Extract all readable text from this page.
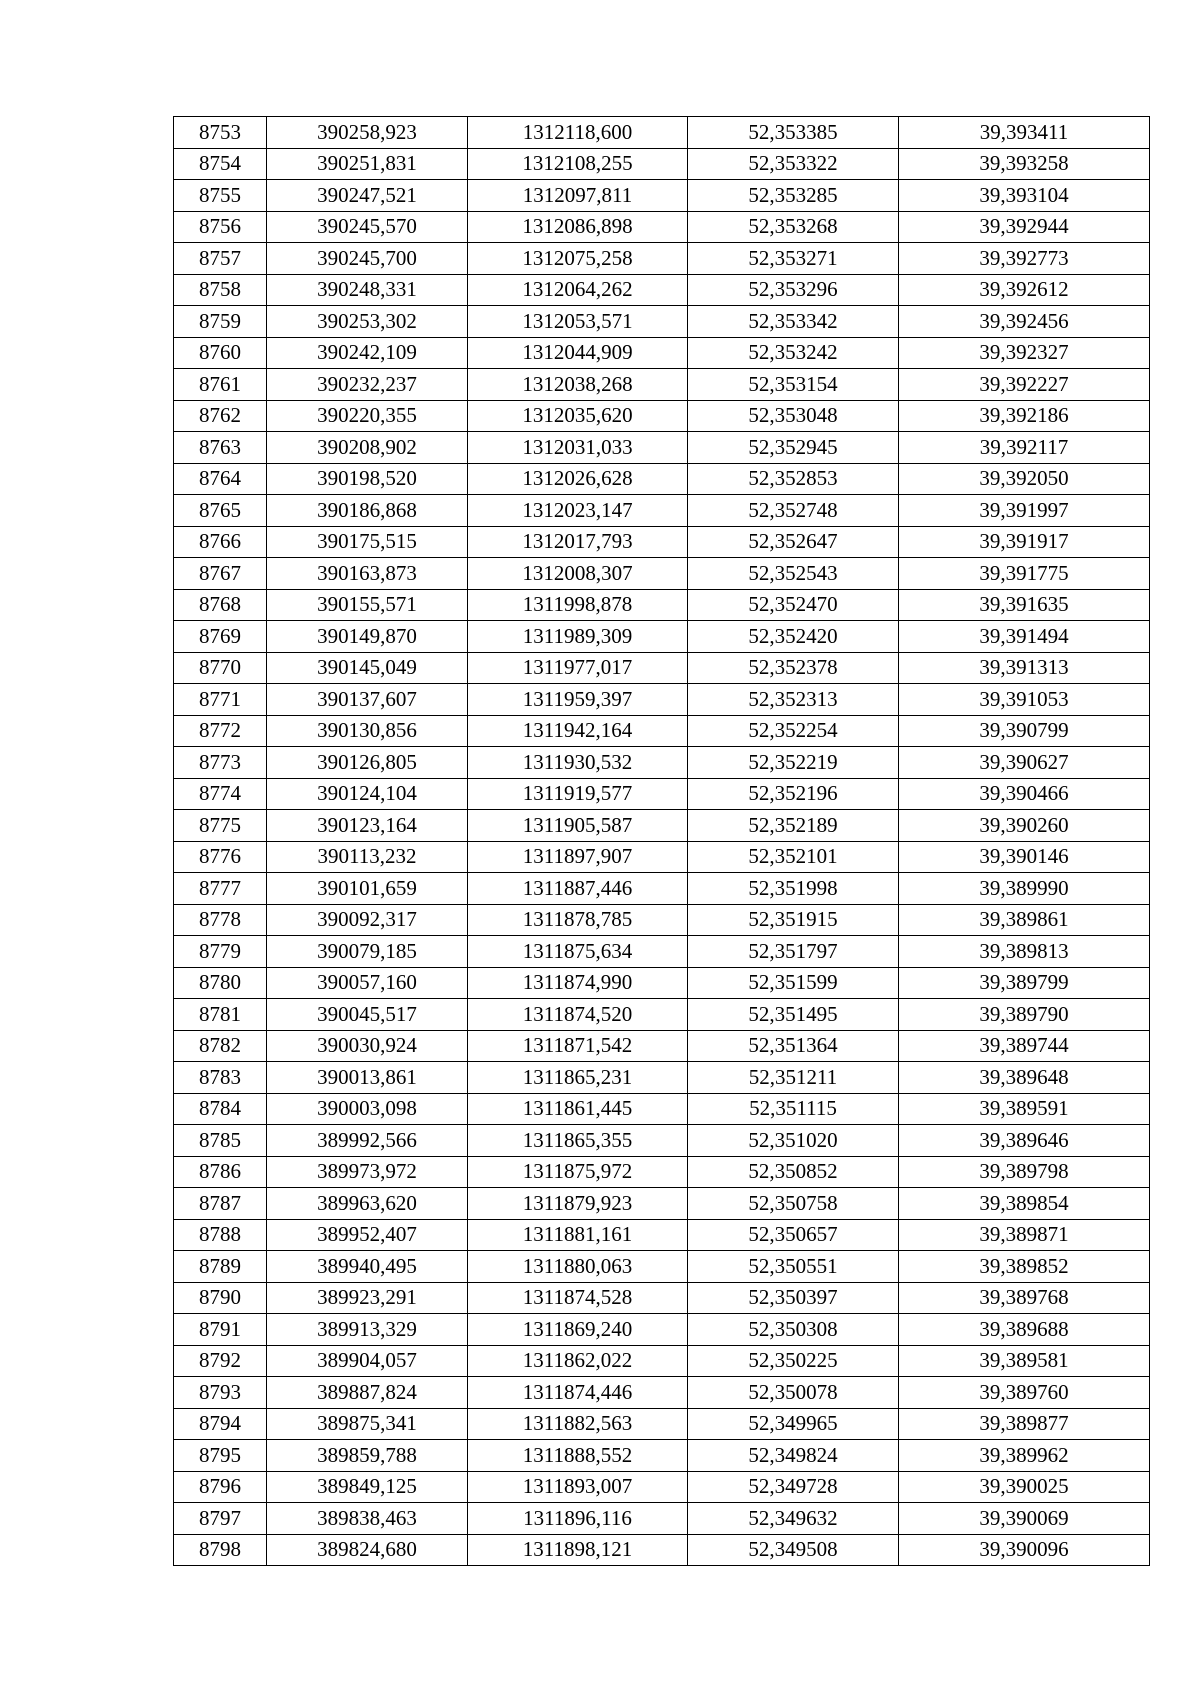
8753	390258,923	1312118,600	52,353385	39,393411
8754	390251,831	1312108,255	52,353322	39,393258
8755	390247,521	1312097,811	52,353285	39,393104
8756	390245,570	1312086,898	52,353268	39,392944
8757	390245,700	1312075,258	52,353271	39,392773
8758	390248,331	1312064,262	52,353296	39,392612
8759	390253,302	1312053,571	52,353342	39,392456
8760	390242,109	1312044,909	52,353242	39,392327
8761	390232,237	1312038,268	52,353154	39,392227
8762	390220,355	1312035,620	52,353048	39,392186
8763	390208,902	1312031,033	52,352945	39,392117
8764	390198,520	1312026,628	52,352853	39,392050
8765	390186,868	1312023,147	52,352748	39,391997
8766	390175,515	1312017,793	52,352647	39,391917
8767	390163,873	1312008,307	52,352543	39,391775
8768	390155,571	1311998,878	52,352470	39,391635
8769	390149,870	1311989,309	52,352420	39,391494
8770	390145,049	1311977,017	52,352378	39,391313
8771	390137,607	1311959,397	52,352313	39,391053
8772	390130,856	1311942,164	52,352254	39,390799
8773	390126,805	1311930,532	52,352219	39,390627
8774	390124,104	1311919,577	52,352196	39,390466
8775	390123,164	1311905,587	52,352189	39,390260
8776	390113,232	1311897,907	52,352101	39,390146
8777	390101,659	1311887,446	52,351998	39,389990
8778	390092,317	1311878,785	52,351915	39,389861
8779	390079,185	1311875,634	52,351797	39,389813
8780	390057,160	1311874,990	52,351599	39,389799
8781	390045,517	1311874,520	52,351495	39,389790
8782	390030,924	1311871,542	52,351364	39,389744
8783	390013,861	1311865,231	52,351211	39,389648
8784	390003,098	1311861,445	52,351115	39,389591
8785	389992,566	1311865,355	52,351020	39,389646
8786	389973,972	1311875,972	52,350852	39,389798
8787	389963,620	1311879,923	52,350758	39,389854
8788	389952,407	1311881,161	52,350657	39,389871
8789	389940,495	1311880,063	52,350551	39,389852
8790	389923,291	1311874,528	52,350397	39,389768
8791	389913,329	1311869,240	52,350308	39,389688
8792	389904,057	1311862,022	52,350225	39,389581
8793	389887,824	1311874,446	52,350078	39,389760
8794	389875,341	1311882,563	52,349965	39,389877
8795	389859,788	1311888,552	52,349824	39,389962
8796	389849,125	1311893,007	52,349728	39,390025
8797	389838,463	1311896,116	52,349632	39,390069
8798	389824,680	1311898,121	52,349508	39,390096
